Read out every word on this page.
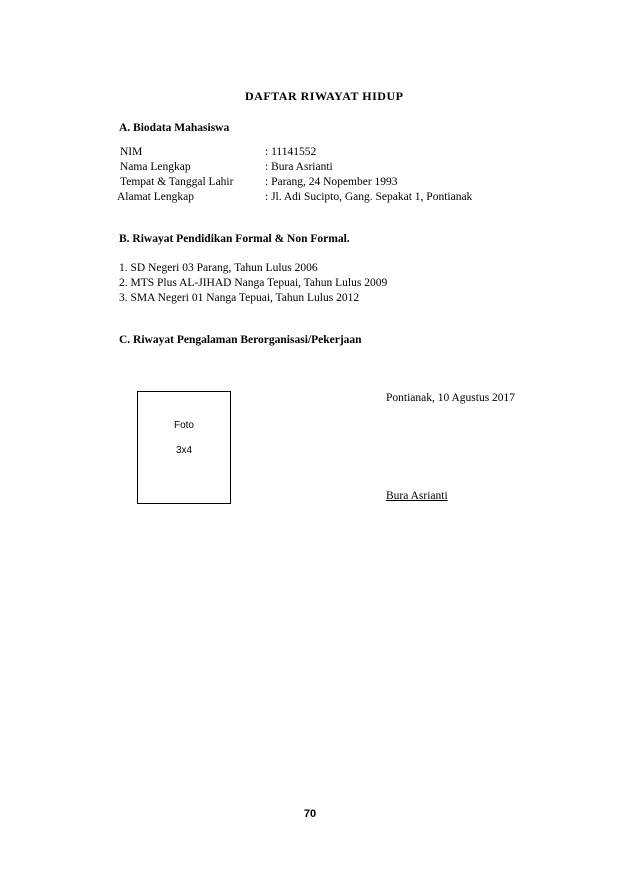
DAFTAR RIWAYAT HIDUP
A. Biodata Mahasiswa
NIM	: 11141552
Nama Lengkap	: Bura Asrianti
Tempat & Tanggal Lahir	: Parang, 24 Nopember 1993
Alamat Lengkap	: Jl. Adi Sucipto, Gang. Sepakat 1, Pontianak
B. Riwayat Pendidikan Formal & Non Formal.
1. SD Negeri 03 Parang, Tahun Lulus 2006
2. MTS Plus AL-JIHAD Nanga Tepuai, Tahun Lulus 2009
3. SMA Negeri 01 Nanga Tepuai, Tahun Lulus 2012
C. Riwayat Pengalaman Berorganisasi/Pekerjaan
Foto
3x4
Pontianak, 10 Agustus 2017
Bura Asrianti
70
